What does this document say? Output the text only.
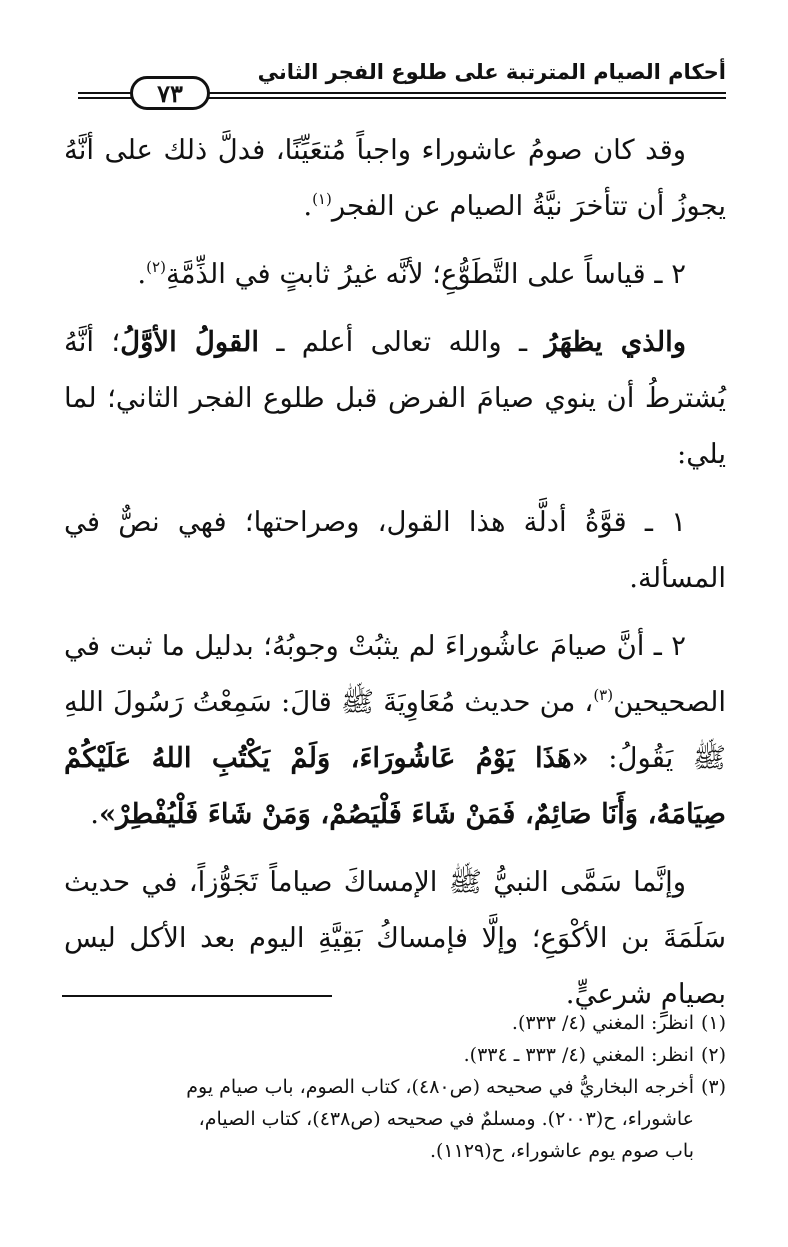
أحكام الصيام المترتبة على طلوع الفجر الثاني
٧٣

وقد كان صومُ عاشوراء واجباً مُتعَيِّنًا، فدلَّ ذلك على أنَّهُ يجوزُ أن تتأخرَ نيَّةُ الصيام عن الفجر$^{(١)}$.

٢ ـ قياساً على التَّطَوُّعِ؛ لأنَّه غيرُ ثابتٍ في الذِّمَّةِ$^{(٢)}$.

والذي يظهَرُ ـ والله تعالى أعلم ـ القولُ الأوَّلُ؛ أنَّهُ يُشترطُ أن ينوي صيامَ الفرض قبل طلوع الفجر الثاني؛ لما يلي:

١ ـ قوَّةُ أدلَّة هذا القول، وصراحتها؛ فهي نصٌّ في المسألة.

٢ ـ أنَّ صيامَ عاشُوراءَ لم يثبُتْ وجوبُهُ؛ بدليل ما ثبت في الصحيحين$^{(٣)}$، من حديث مُعَاوِيَةَ ﷺ قالَ: سَمِعْتُ رَسُولَ اللهِ ﷺ يَقُولُ: «هَذَا يَوْمُ عَاشُورَاءَ، وَلَمْ يَكْتُبِ اللهُ عَلَيْكُمْ صِيَامَهُ، وَأَنَا صَائِمٌ، فَمَنْ شَاءَ فَلْيَصُمْ، وَمَنْ شَاءَ فَلْيُفْطِرْ».

وإنَّما سَمَّى النبيُّ ﷺ الإمساكَ صياماً تَجَوُّزاً، في حديث سَلَمَةَ بن الأكْوَعِ؛ وإلَّا فإمساكُ بَقِيَّةِ اليوم بعد الأكل ليس بصيامٍ شرعيٍّ.

(١)انظر: المغني (٤/ ٣٣٣).

(٢)انظر: المغني (٤/ ٣٣٣ ـ ٣٣٤).

(٣)أخرجه البخاريُّ في صحيحه (ص٤٨٠)، كتاب الصوم، باب صيام يوم

عاشوراء، ح(٢٠٠٣). ومسلمٌ في صحيحه (ص٤٣٨)، كتاب الصيام،

باب صوم يوم عاشوراء، ح(١١٢٩).
